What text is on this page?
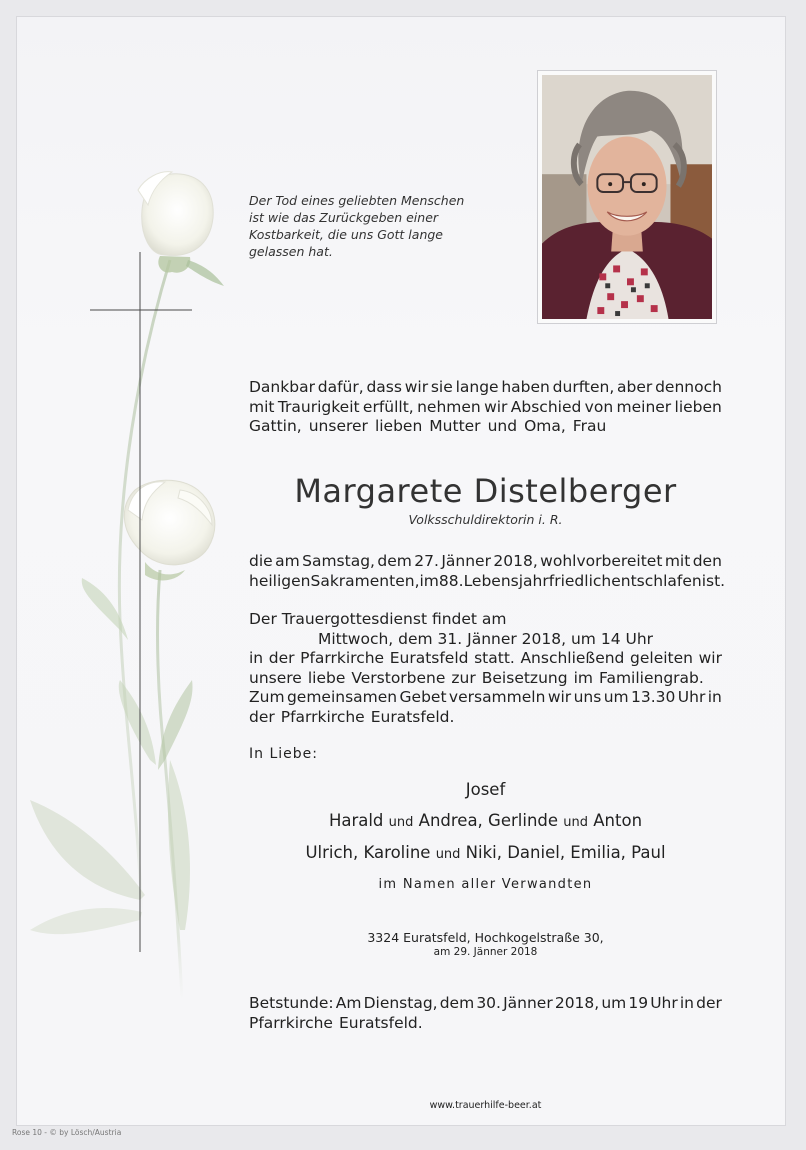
Der Tod eines geliebten Menschen
ist wie das Zurückgeben einer
Kostbarkeit, die uns Gott lange
gelassen hat.
Dankbar dafür, dass wir sie lange haben durften, aber dennoch
mit Traurigkeit erfüllt, nehmen wir Abschied von meiner lieben
Gattin, unserer lieben Mutter und Oma, Frau
Margarete Distelberger
Volksschuldirektorin i. R.
die am Samstag, dem 27. Jänner 2018, wohlvorbereitet mit den
heiligen Sakramenten, im 88. Lebensjahr friedlich entschlafen ist.
Der Trauergottesdienst findet am
Mittwoch, dem 31. Jänner 2018, um 14 Uhr
in der Pfarrkirche Euratsfeld statt. Anschließend geleiten wir
unsere liebe Verstorbene zur Beisetzung im Familiengrab.
Zum gemeinsamen Gebet versammeln wir uns um 13.30 Uhr in
der Pfarrkirche Euratsfeld.
In Liebe:
Josef
Harald und Andrea, Gerlinde und Anton
Ulrich, Karoline und Niki, Daniel, Emilia, Paul
im Namen aller Verwandten
3324 Euratsfeld, Hochkogelstraße 30,
am 29. Jänner 2018
Betstunde: Am Dienstag, dem 30. Jänner 2018, um 19 Uhr in der
Pfarrkirche Euratsfeld.
www.trauerhilfe-beer.at
Rose 10 - © by Lösch/Austria
